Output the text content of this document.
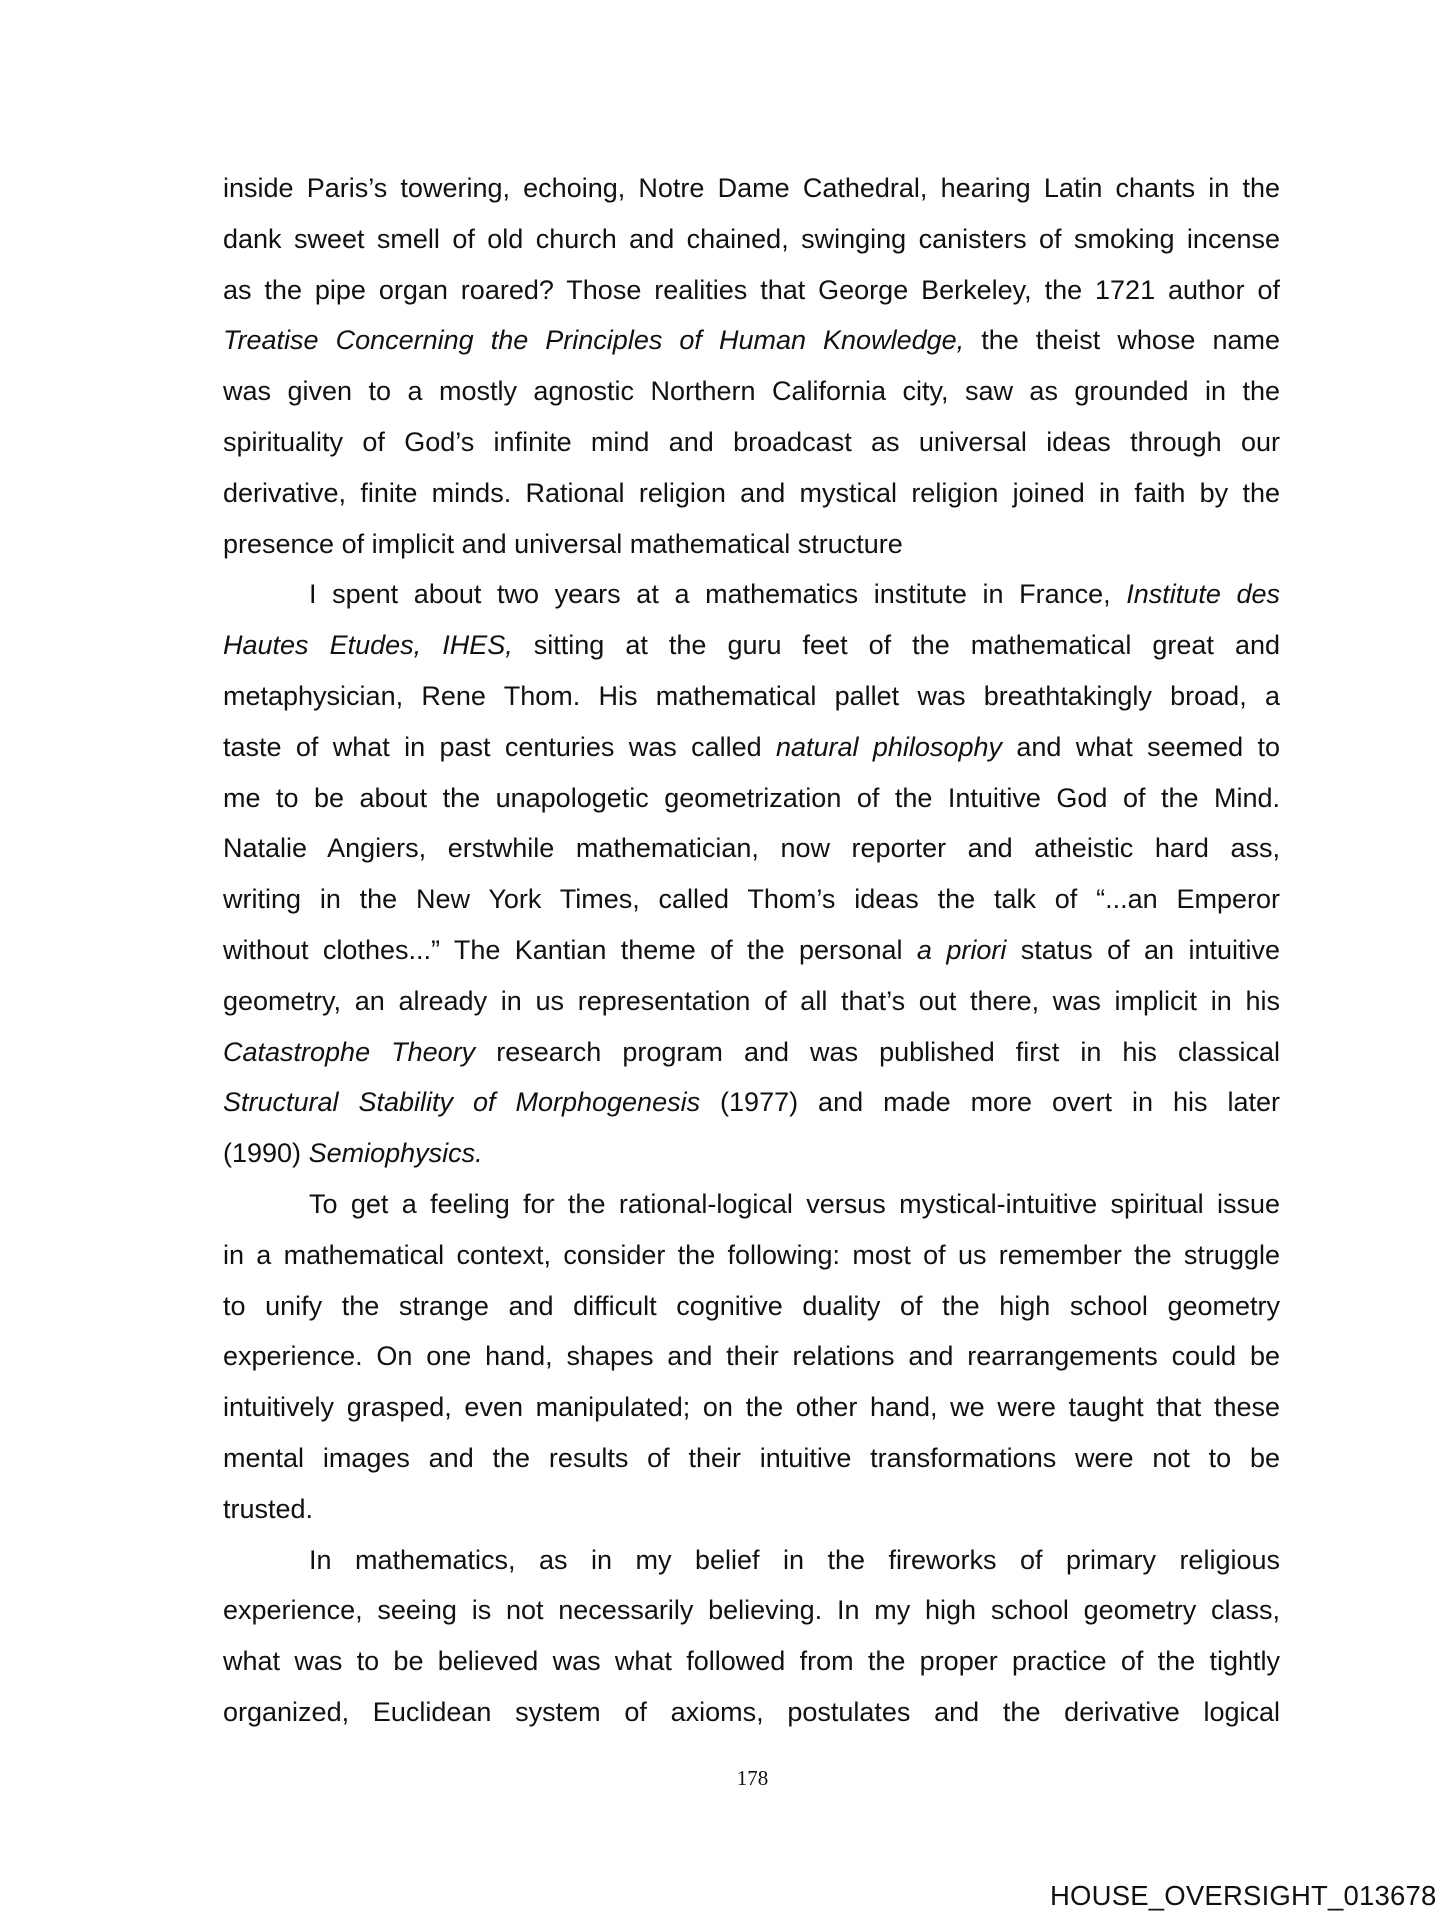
inside Paris’s towering, echoing, Notre Dame Cathedral, hearing Latin chants in the
dank sweet smell of old church and chained, swinging canisters of smoking incense
as the pipe organ roared? Those realities that George Berkeley, the 1721 author of
Treatise Concerning the Principles of Human Knowledge, the theist whose name
was given to a mostly agnostic Northern California city, saw as grounded in the
spirituality of God’s infinite mind and broadcast as universal ideas through our
derivative, finite minds. Rational religion and mystical religion joined in faith by the
presence of implicit and universal mathematical structure
I spent about two years at a mathematics institute in France, Institute des
Hautes Etudes, IHES, sitting at the guru feet of the mathematical great and
metaphysician, Rene Thom. His mathematical pallet was breathtakingly broad, a
taste of what in past centuries was called natural philosophy and what seemed to
me to be about the unapologetic geometrization of the Intuitive God of the Mind.
Natalie Angiers, erstwhile mathematician, now reporter and atheistic hard ass,
writing in the New York Times, called Thom’s ideas the talk of “...an Emperor
without clothes...” The Kantian theme of the personal a priori status of an intuitive
geometry, an already in us representation of all that’s out there, was implicit in his
Catastrophe Theory research program and was published first in his classical
Structural Stability of Morphogenesis (1977) and made more overt in his later
(1990) Semiophysics.
To get a feeling for the rational-logical versus mystical-intuitive spiritual issue
in a mathematical context, consider the following: most of us remember the struggle
to unify the strange and difficult cognitive duality of the high school geometry
experience. On one hand, shapes and their relations and rearrangements could be
intuitively grasped, even manipulated; on the other hand, we were taught that these
mental images and the results of their intuitive transformations were not to be
trusted.
In mathematics, as in my belief in the fireworks of primary religious
experience, seeing is not necessarily believing. In my high school geometry class,
what was to be believed was what followed from the proper practice of the tightly
organized, Euclidean system of axioms, postulates and the derivative logical
178
HOUSE_OVERSIGHT_013678
